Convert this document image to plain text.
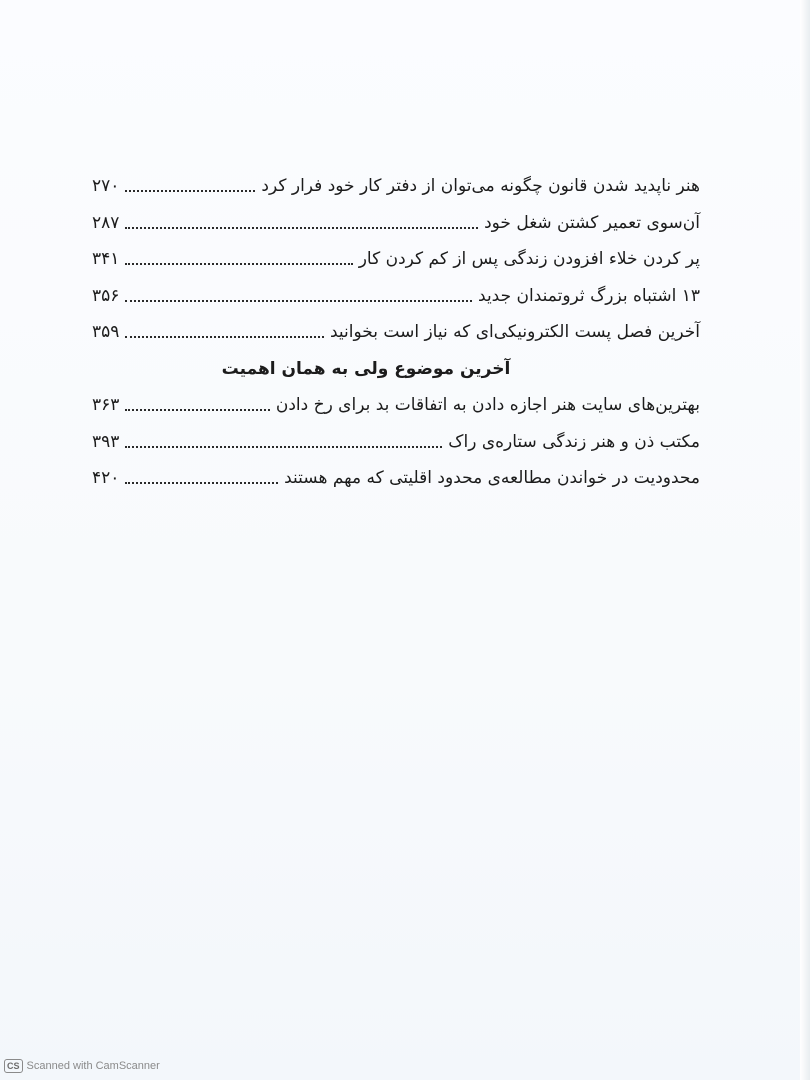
هنر ناپدید شدن قانون چگونه می‌توان از دفتر کار خود فرار کرد
۲۷۰
آن‌سوی تعمیر کشتن شغل خود
۲۸۷
پر کردن خلاء افزودن زندگی پس از کم کردن کار
۳۴۱
۱۳ اشتباه بزرگ ثروتمندان جدید
۳۵۶
آخرین فصل پست الکترونیکی‌ای که نیاز است بخوانید
۳۵۹
آخرین موضوع ولی به همان اهمیت
بهترین‌های سایت هنر اجازه دادن به اتفاقات بد برای رخ دادن
۳۶۳
مکتب ذن و هنر زندگی ستاره‌ی راک
۳۹۳
محدودیت در خواندن مطالعه‌ی محدود اقلیتی که مهم هستند
۴۲۰
CS Scanned with CamScanner
